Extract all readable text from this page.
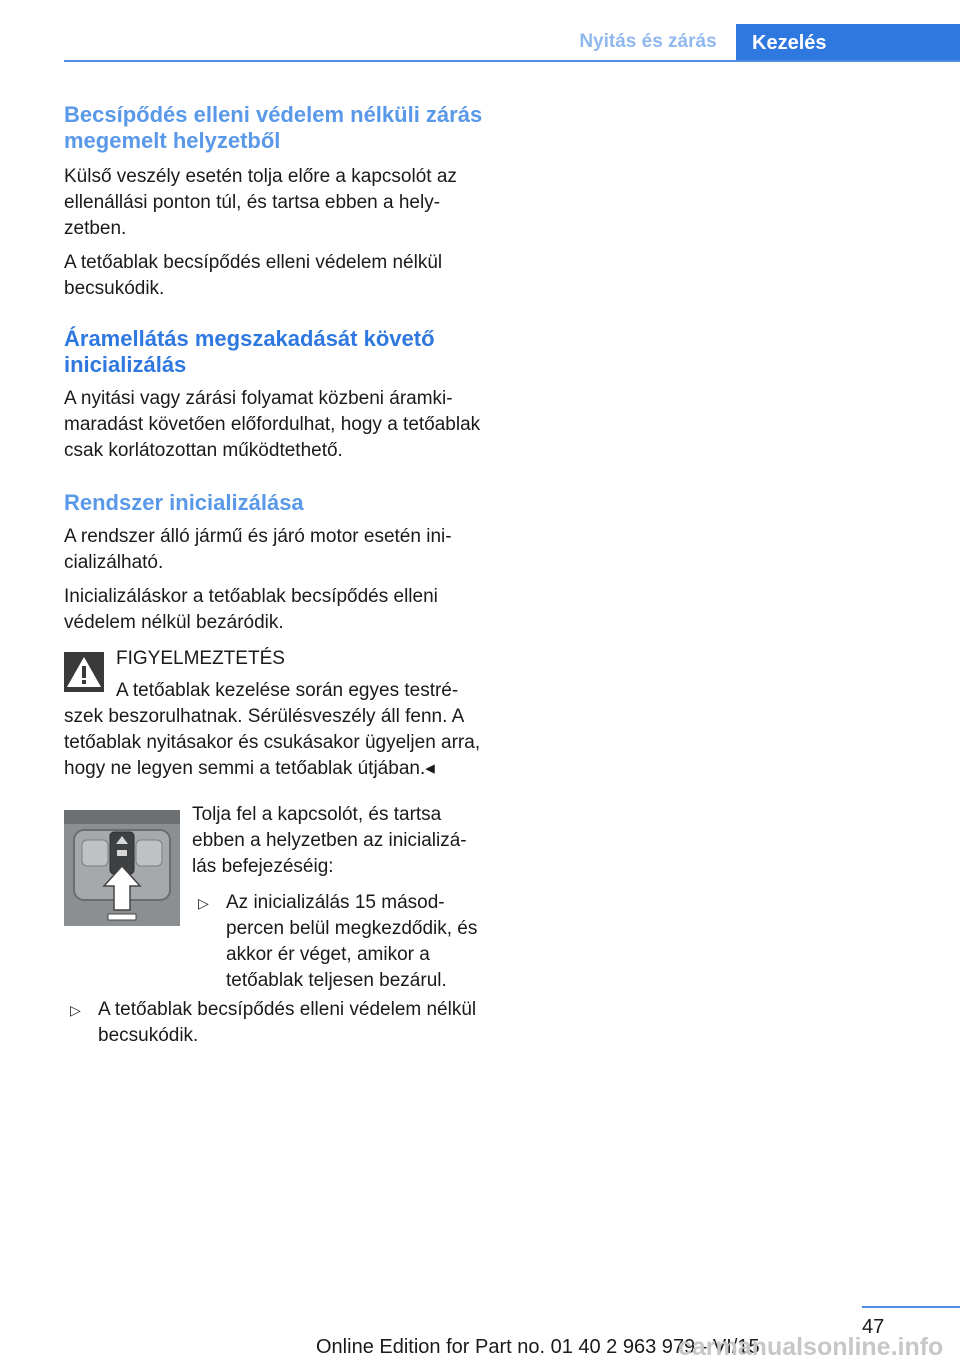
Nyitás és zárás	Kezelés
Becsípődés elleni védelem nélküli zárás megemelt helyzetből

Külső veszély esetén tolja előre a kapcsolót az ellenállási ponton túl, és tartsa ebben a helyzetben.

A tetőablak becsípődés elleni védelem nélkül becsukódik.

Áramellátás megszakadását követő inicializálás

A nyitási vagy zárási folyamat közbeni áramkimaradást követően előfordulhat, hogy a tetőablak csak korlátozottan működtethető.

Rendszer inicializálása

A rendszer álló jármű és járó motor esetén inicializálható.

Inicializáláskor a tetőablak becsípődés elleni védelem nélkül bezáródik.

FIGYELMEZTETÉS
A tetőablak kezelése során egyes testrészek beszorulhatnak. Sérülésveszély áll fenn. A tetőablak nyitásakor és csukásakor ügyeljen arra, hogy ne legyen semmi a tetőablak útjában.◂

Tolja fel a kapcsolót, és tartsa ebben a helyzetben az inicializálás befejezéséig:

▷ Az inicializálás 15 másodpercen belül megkezdődik, és akkor ér véget, amikor a tetőablak teljesen bezárul.

▷ A tetőablak becsípődés elleni védelem nélkül becsukódik.

47
Online Edition for Part no. 01 40 2 963 979 - VI/15
carmanualsonline.info
